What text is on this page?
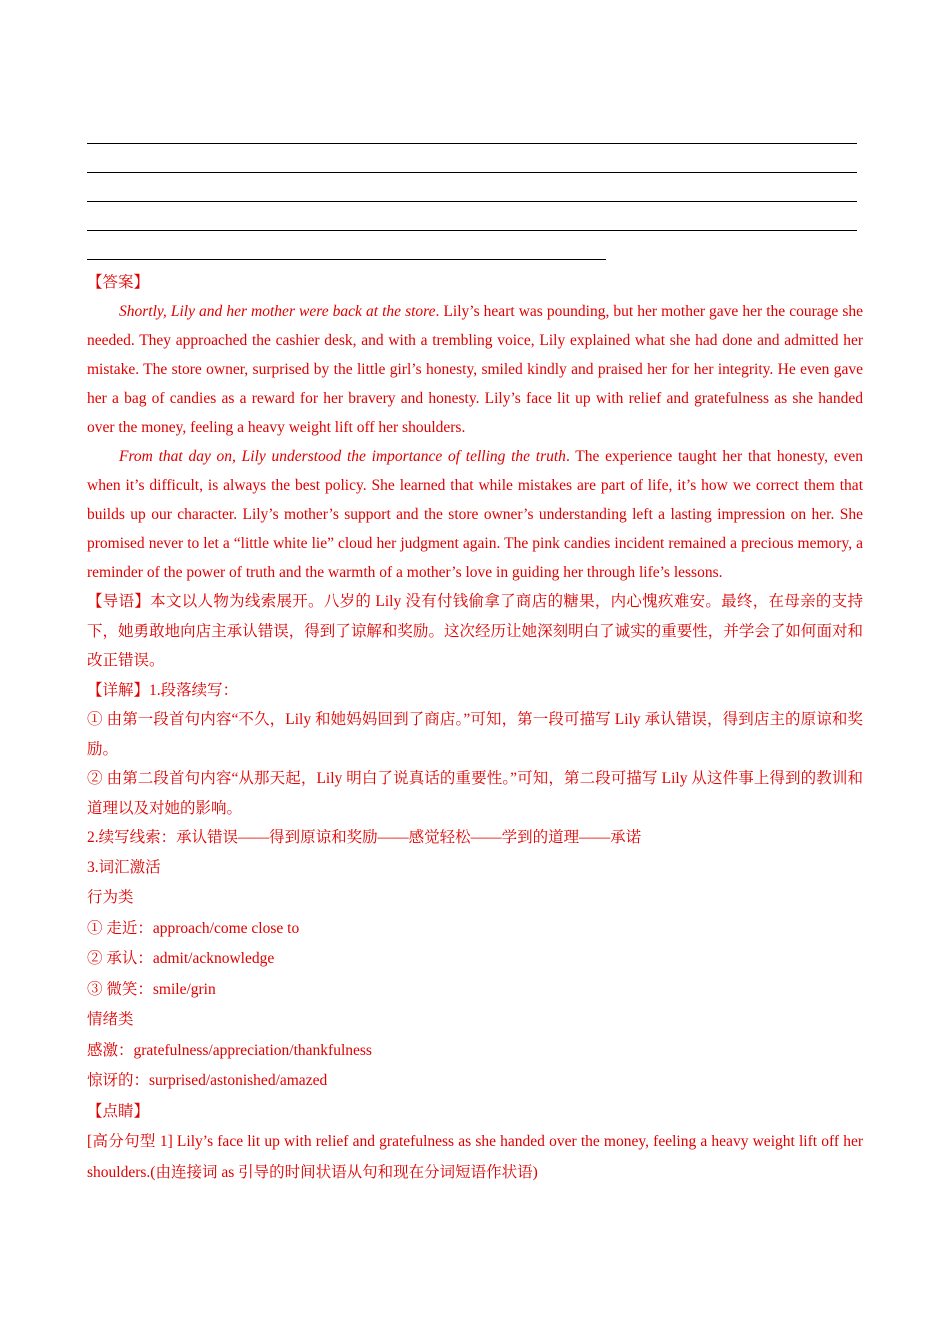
【答案】

Shortly, Lily and her mother were back at the store. Lily’s heart was pounding, but her mother gave her the courage she needed. They approached the cashier desk, and with a trembling voice, Lily explained what she had done and admitted her mistake. The store owner, surprised by the little girl’s honesty, smiled kindly and praised her for her integrity. He even gave her a bag of candies as a reward for her bravery and honesty. Lily’s face lit up with relief and gratefulness as she handed over the money, feeling a heavy weight lift off her shoulders.

From that day on, Lily understood the importance of telling the truth. The experience taught her that honesty, even when it’s difficult, is always the best policy. She learned that while mistakes are part of life, it’s how we correct them that builds up our character. Lily’s mother’s support and the store owner’s understanding left a lasting impression on her. She promised never to let a “little white lie” cloud her judgment again. The pink candies incident remained a precious memory, a reminder of the power of truth and the warmth of a mother’s love in guiding her through life’s lessons.

【导语】本文以人物为线索展开。八岁的 Lily 没有付钱偷拿了商店的糖果，内心愧疚难安。最终，在母亲的支持下，她勇敢地向店主承认错误，得到了谅解和奖励。这次经历让她深刻明白了诚实的重要性，并学会了如何面对和改正错误。

【详解】1.段落续写：

① 由第一段首句内容“不久，Lily 和她妈妈回到了商店。”可知，第一段可描写 Lily 承认错误，得到店主的原谅和奖励。

② 由第二段首句内容“从那天起，Lily 明白了说真话的重要性。”可知，第二段可描写 Lily 从这件事上得到的教训和道理以及对她的影响。

2.续写线索：承认错误——得到原谅和奖励——感觉轻松——学到的道理——承诺

3.词汇激活

行为类

① 走近：approach/come close to

② 承认：admit/acknowledge

③ 微笑：smile/grin

情绪类

感激：gratefulness/appreciation/thankfulness

惊讶的：surprised/astonished/amazed

【点睛】

[高分句型 1] Lily’s face lit up with relief and gratefulness as she handed over the money, feeling a heavy weight lift off her shoulders.(由连接词 as 引导的时间状语从句和现在分词短语作状语)
